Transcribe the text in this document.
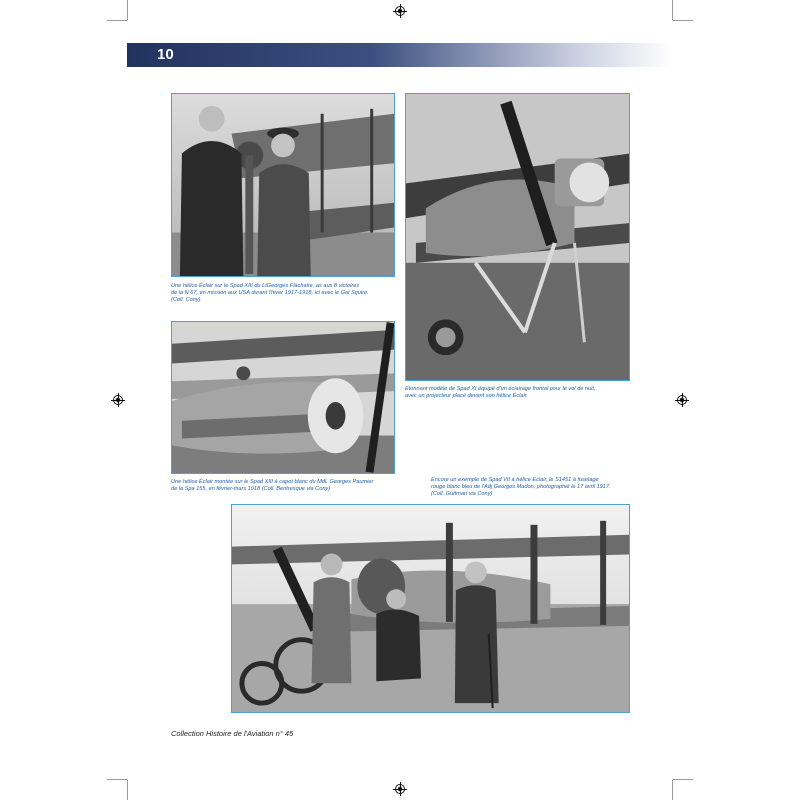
10

Une hélice Éclair sur le Spad XIII du LtGeorges Flachaire, as aux 8 victoires
de la N 67, en mission aux USA durant l'hiver 1917-1918, ici avec le Gal Squire.
(Coll. Cony)

Etonnant modèle de Spad XI équipé d'un éclairage frontal pour le vol de nuit,
avec un projecteur placé devant son hélice Éclair.

Une hélice Éclair montée sur le Spad XIII à capot blanc du MdL Georges Paumier
de la Spa 155, en février-mars 1918 (Coll. Bentresque via Cony)

Encore un exemple de Spad VII à hélice Éclair, le S1451 à fuselage
rouge blanc bleu de l'Adj Georges Madon, photographié le 17 avril 1917.
(Coll. Guttman via Cony)

Collection Histoire de l'Aviation n° 45
